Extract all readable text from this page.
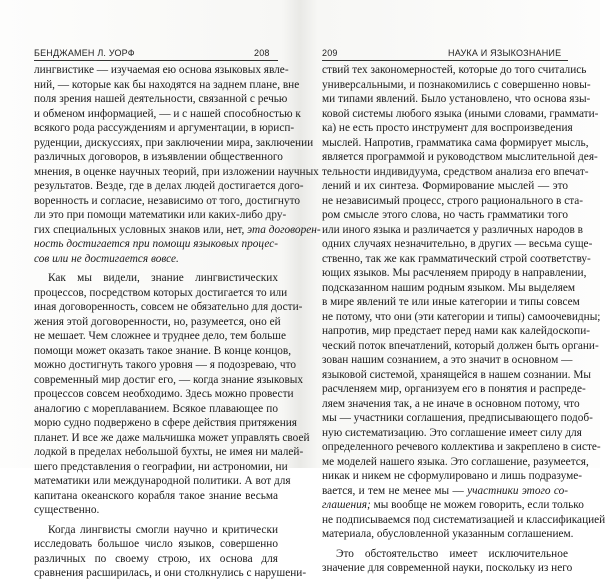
БЕНДЖАМЕН Л. УОРФ	208
лингвистике — изучаемая ею основа языковых явле-
ний, — которые как бы находятся на заднем плане, вне
поля зрения нашей деятельности, связанной с речью
и обменом информацией, — и с нашей способностью к
всякого рода рассуждениям и аргументации, в юрисп-
руденции, дискуссиях, при заключении мира, заключении
различных договоров, в изъявлении общественного
мнения, в оценке научных теорий, при изложении научных
результатов. Везде, где в делах людей достигается дого-
воренность и согласие, независимо от того, достигнуто
ли это при помощи математики или каких-либо дру-
гих специальных условных знаков или, нет, эта договорен-
ность достигается при помощи языковых процес-
сов или не достигается вовсе.
Как мы видели, знание лингвистических
процессов, посредством которых достигается то или
иная договоренность, совсем не обязательно для дости-
жения этой договоренности, но, разумеется, оно ей
не мешает. Чем сложнее и труднее дело, тем больше
помощи может оказать такое знание. В конце концов,
можно достигнуть такого уровня — я подозреваю, что
современный мир достиг его, — когда знание языковых
процессов совсем необходимо. Здесь можно провести
аналогию с мореплаванием. Всякое плавающее по
морю судно подвержено в сфере действия притяжения
планет. И все же даже мальчишка может управлять своей
лодкой в пределах небольшой бухты, не имея ни малей-
шего представления о географии, ни астрономии, ни
математики или международной политики. А вот для
капитана океанского корабля такое знание весьма
существенно.
Когда лингвисты смогли научно и критически
исследовать большое число языков, совершенно
различных по своему строю, их основа для
сравнения расширилась, и они столкнулись с нарушени-
209	НАУКА И ЯЗЫКОЗНАНИЕ
ствий тех закономерностей, которые до того считались
универсальными, и познакомились с совершенно новы-
ми типами явлений. Было установлено, что основа язы-
ковой системы любого языка (иными словами, граммати-
ка) не есть просто инструмент для воспроизведения
мыслей. Напротив, грамматика сама формирует мысль,
является программой и руководством мыслительной дея-
тельности индивидуума, средством анализа его впечат-
лений и их синтеза. Формирование мыслей — это
не независимый процесс, строго рационального в ста-
ром смысле этого слова, но часть грамматики того
или иного языка и различается у различных народов в
одних случаях незначительно, в других — весьма суще-
ственно, так же как грамматический строй соответству-
ющих языков. Мы расчленяем природу в направлении,
подсказанном нашим родным языком. Мы выделяем
в мире явлений те или иные категории и типы совсем
не потому, что они (эти категории и типы) самоочевидны;
напротив, мир предстает перед нами как калейдоскопи-
ческий поток впечатлений, который должен быть органи-
зован нашим сознанием, а это значит в основном —
языковой системой, хранящейся в нашем сознании. Мы
расчленяем мир, организуем его в понятия и распреде-
ляем значения так, а не иначе в основном потому, что
мы — участники соглашения, предписывающего подоб-
ную систематизацию. Это соглашение имеет силу для
определенного речевого коллектива и закреплено в систе-
ме моделей нашего языка. Это соглашение, разумеется,
никак и никем не сформулировано и лишь подразуме-
вается, и тем не менее мы — участники этого со-
глашения; мы вообще не можем говорить, если только
не подписываемся под систематизацией и классификацией
материала, обусловленной указанным соглашением.
Это обстоятельство имеет исключительное
значение для современной науки, поскольку из него
